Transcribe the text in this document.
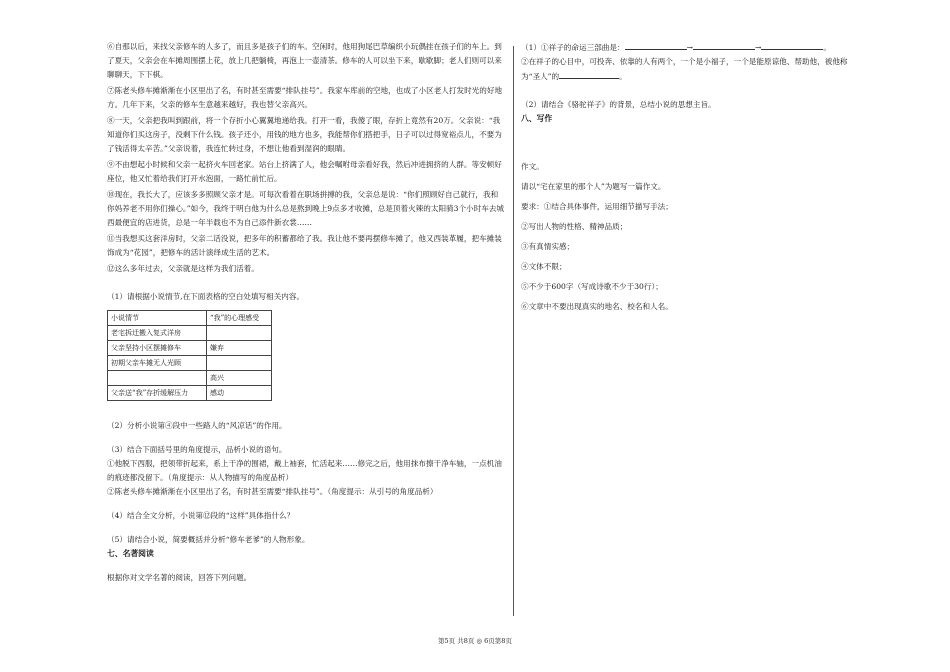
⑥自那以后，来找父亲修车的人多了，而且多是孩子们的车。空闲时，他用狗尾巴草编织小玩偶挂在孩子们的车上。到了夏天，父亲会在车摊周围摆上花，放上几把躺椅，再泡上一壶清茶。修车的人可以坐下来，歇歇脚；老人们则可以来聊聊天，下下棋。

⑦陈老头修车摊渐渐在小区里出了名，有时甚至需要“排队挂号”。我家车库前的空地，也成了小区老人打发时光的好地方。几年下来，父亲的修车生意越来越好，我也替父亲高兴。

⑧一天，父亲把我叫到跟前，将一个存折小心翼翼地递给我。打开一看，我傻了眼，存折上竟然有20万。父亲说：“我知道你们买这房子，没剩下什么钱。孩子还小，用钱的地方也多，我能帮你们搭把手，日子可以过得宽裕点儿，不要为了钱活得太辛苦。”父亲说着，我连忙转过身，不想让他看到湿润的眼睛。

⑨不由想起小时候和父亲一起挤火车回老家。站台上挤满了人，他会嘱咐母亲看好我，然后冲进拥挤的人群。等安顿好座位，他又忙着给我们打开水泡面，一路忙前忙后。

⑩现在，我长大了，应该多多照顾父亲才是。可每次看着在职场拼搏的我，父亲总是说：“你们照顾好自己就行，我和你妈养老不用你们操心。”如今，我终于明白他为什么总是熬到晚上9点多才收摊，总是顶着火辣的太阳骑3个小时车去城西最便宜的店进货，总是一年半载也不为自己添件新衣裳……

⑪当我想买这套洋房时，父亲二话没说，把多年的积蓄都给了我。我让他不要再摆修车摊了，他又西装革履，把车摊装饰成为“花园”，把修车的活计演绎成生活的艺术。

⑫这么多年过去，父亲就是这样为我们活着。

（1）请根据小说情节,在下面表格的空白处填写相关内容。

小说情节	“我”的心理感受
老宅拆迁搬入复式洋房	
父亲坚持小区摆摊修车	嫌弃
初期父亲车摊无人光顾	
	高兴
父亲送“我”存折缓解压力	感动

（2）分析小说第④段中一些路人的“风凉话”的作用。

（3）结合下面括号里的角度提示，品析小说的语句。

①他脱下西服，把领带折起来，系上干净的围裙，戴上袖套，忙活起来……修完之后，他用抹布擦干净车轴，一点机油的痕迹都没留下。（角度提示：从人物描写的角度品析）

②陈老头修车摊渐渐在小区里出了名，有时甚至需要“排队挂号”。（角度提示：从引号的角度品析）

（4）结合全文分析，小说第⑫段的“这样”具体指什么？

（5）请结合小说，简要概括并分析“修车老爹”的人物形象。

七、名著阅读

根据你对文学名著的阅读，回答下列问题。

（1）①祥子的命运三部曲是：	→	→	。

②在祥子的心目中，可投奔、依靠的人有两个，一个是小福子，一个是能原谅他、帮助他，被他称为“圣人”的	。

（2）请结合《骆驼祥子》的背景，总结小说的思想主旨。

八、写作

作文。

请以“宅在家里的那个人”为题写一篇作文。

要求：①结合具体事件，运用细节描写手法；

②写出人物的性格、精神品质；

③有真情实感；

④文体不限；

⑤不少于600字（写成诗歌不少于30行）；

⑥文章中不要出现真实的地名、校名和人名。

第5页 共8页 ◎ 6页第8页
